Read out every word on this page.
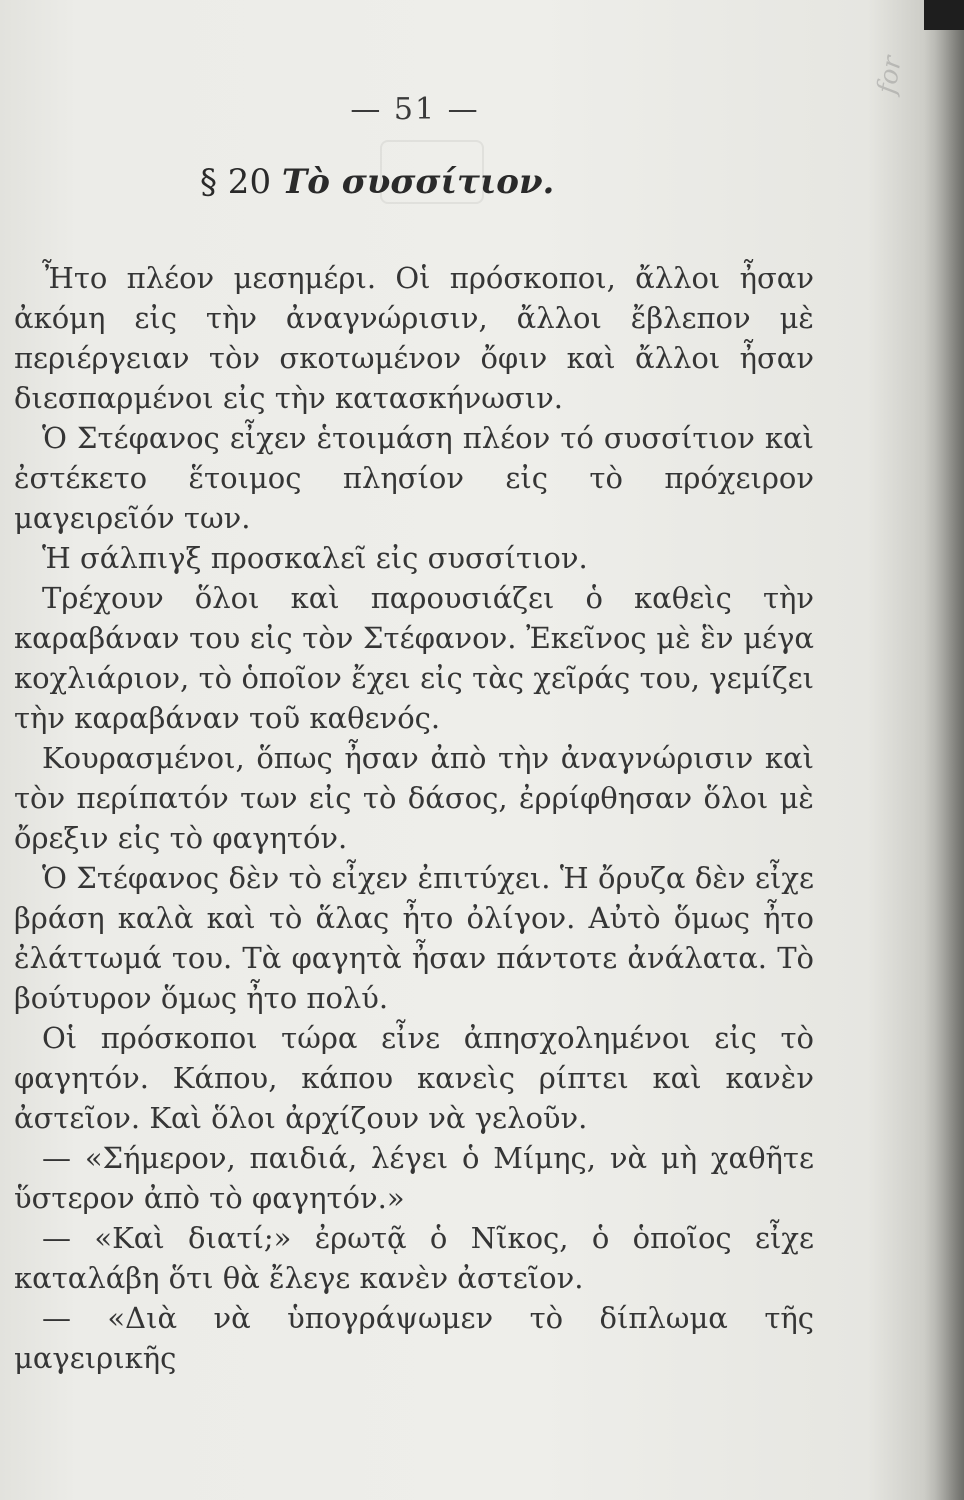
for
— 51 —
§ 20 Τὸ συσσίτιον.

Ἦτο πλέον μεσημέρι. Οἱ πρόσκοποι, ἄλλοι ἦσαν ἀκόμη εἰς τὴν ἀναγνώρισιν, ἄλλοι ἔβλεπον μὲ περιέργειαν τὸν σκοτωμένον ὄφιν καὶ ἄλλοι ἦσαν διεσπαρμένοι εἰς τὴν κατασκήνωσιν.

Ὁ Στέφανος εἶχεν ἑτοιμάση πλέον τό συσσίτιον καὶ ἐστέκετο ἕτοιμος πλησίον εἰς τὸ πρόχειρον μαγειρεῖόν των.

Ἡ σάλπιγξ προσκαλεῖ εἰς συσσίτιον.

Τρέχουν ὅλοι καὶ παρουσιάζει ὁ καθεὶς τὴν καραβάναν του εἰς τὸν Στέφανον. Ἐκεῖνος μὲ ἓν μέγα κοχλιάριον, τὸ ὁποῖον ἔχει εἰς τὰς χεῖράς του, γεμίζει τὴν καραβάναν τοῦ καθενός.

Κουρασμένοι, ὅπως ἦσαν ἀπὸ τὴν ἀναγνώρισιν καὶ τὸν περίπατόν των εἰς τὸ δάσος, ἐρρίφθησαν ὅλοι μὲ ὄρεξιν εἰς τὸ φαγητόν.

Ὁ Στέφανος δὲν τὸ εἶχεν ἐπιτύχει. Ἡ ὄρυζα δὲν εἶχε βράση καλὰ καὶ τὸ ἅλας ἦτο ὀλίγον. Αὐτὸ ὅμως ἦτο ἐλάττωμά του. Τὰ φαγητὰ ἦσαν πάντοτε ἀνάλατα. Τὸ βούτυρον ὅμως ἦτο πολύ.

Οἱ πρόσκοποι τώρα εἶνε ἀπησχολημένοι εἰς τὸ φαγητόν. Κάπου, κάπου κανεὶς ρίπτει καὶ κανὲν ἀστεῖον. Καὶ ὅλοι ἀρχίζουν νὰ γελοῦν.

— «Σήμερον, παιδιά, λέγει ὁ Μίμης, νὰ μὴ χαθῆτε ὕστερον ἀπὸ τὸ φαγητόν.»

— «Καὶ διατί;» ἐρωτᾷ ὁ Νῖκος, ὁ ὁποῖος εἶχε καταλάβη ὅτι θὰ ἔλεγε κανὲν ἀστεῖον.

— «Διὰ νὰ ὑπογράψωμεν τὸ δίπλωμα τῆς μαγειρικῆς
